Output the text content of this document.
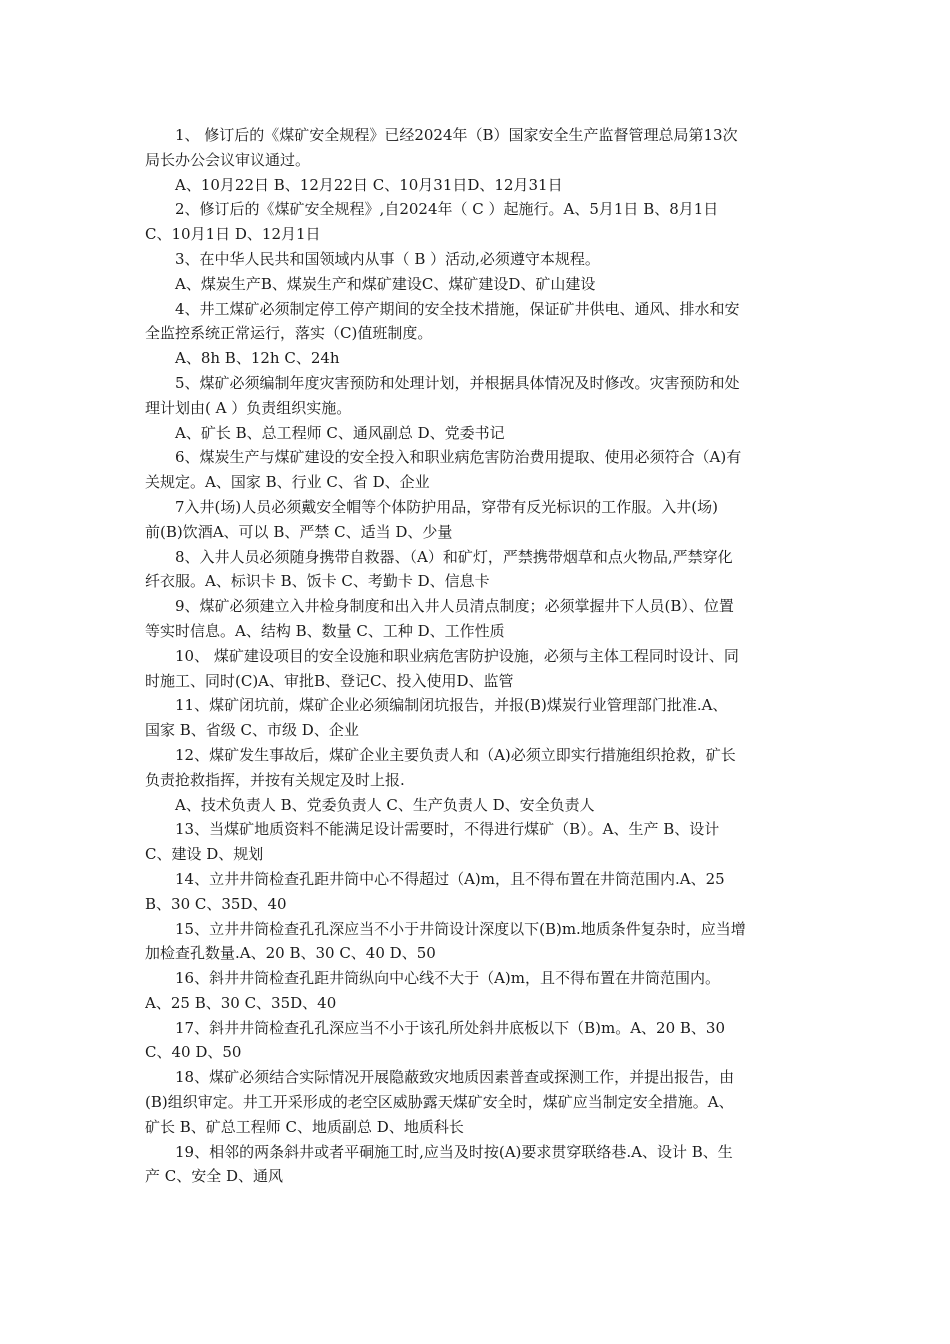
1、 修订后的《煤矿安全规程》已经2024年（B）国家安全生产监督管理总局第13次
局长办公会议审议通过。
A、10月22日 B、12月22日 C、10月31日D、12月31日
2、修订后的《煤矿安全规程》,自2024年（ C ）起施行。A、5月1日 B、8月1日
C、10月1日 D、12月1日
3、在中华人民共和国领域内从事（ B ）活动,必须遵守本规程。
A、煤炭生产B、煤炭生产和煤矿建设C、煤矿建设D、矿山建设
4、井工煤矿必须制定停工停产期间的安全技术措施，保证矿井供电、通风、排水和安
全监控系统正常运行，落实（C)值班制度。
A、8h B、12h C、24h
5、煤矿必须编制年度灾害预防和处理计划，并根据具体情况及时修改。灾害预防和处
理计划由( A ）负责组织实施。
A、矿长 B、总工程师 C、通风副总 D、党委书记
6、煤炭生产与煤矿建设的安全投入和职业病危害防治费用提取、使用必须符合（A)有
关规定。A、国家 B、行业 C、省 D、企业
7入井(场)人员必须戴安全帽等个体防护用品，穿带有反光标识的工作服。入井(场)
前(B)饮酒A、可以 B、严禁 C、适当 D、少量
8、入井人员必须随身携带自救器、（A）和矿灯，严禁携带烟草和点火物品,严禁穿化
纤衣服。A、标识卡 B、饭卡 C、考勤卡 D、信息卡
9、煤矿必须建立入井检身制度和出入井人员清点制度；必须掌握井下人员(B）、位置
等实时信息。A、结构 B、数量 C、工种 D、工作性质
10、 煤矿建设项目的安全设施和职业病危害防护设施，必须与主体工程同时设计、同
时施工、同时(C)A、审批B、登记C、投入使用D、监管
11、煤矿闭坑前，煤矿企业必须编制闭坑报告，并报(B)煤炭行业管理部门批准.A、
国家 B、省级 C、市级 D、企业
12、煤矿发生事故后，煤矿企业主要负责人和（A)必须立即实行措施组织抢救，矿长
负责抢救指挥，并按有关规定及时上报.
A、技术负责人 B、党委负责人 C、生产负责人 D、安全负责人
13、当煤矿地质资料不能满足设计需要时，不得进行煤矿（B）。A、生产 B、设计
C、建设 D、规划
14、立井井筒检查孔距井筒中心不得超过（A)m，且不得布置在井筒范围内.A、25
B、30 C、35D、40
15、立井井筒检查孔孔深应当不小于井筒设计深度以下(B)m.地质条件复杂时，应当增
加检查孔数量.A、20 B、30 C、40 D、50
16、斜井井筒检查孔距井筒纵向中心线不大于（A)m，且不得布置在井筒范围内。
A、25 B、30 C、35D、40
17、斜井井筒检查孔孔深应当不小于该孔所处斜井底板以下（B)m。A、20 B、30
C、40 D、50
18、煤矿必须结合实际情况开展隐蔽致灾地质因素普查或探测工作，并提出报告，由
(B)组织审定。井工开采形成的老空区威胁露天煤矿安全时，煤矿应当制定安全措施。A、
矿长 B、矿总工程师 C、地质副总 D、地质科长
19、相邻的两条斜井或者平硐施工时,应当及时按(A)要求贯穿联络巷.A、设计 B、生
产 C、安全 D、通风
